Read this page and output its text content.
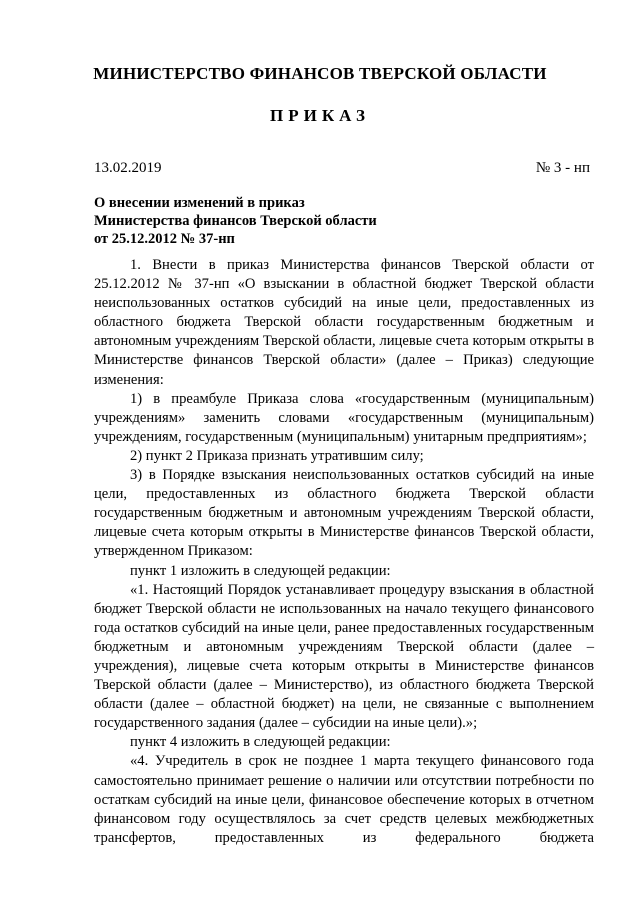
МИНИСТЕРСТВО ФИНАНСОВ ТВЕРСКОЙ ОБЛАСТИ
ПРИКАЗ
13.02.2019	№ 3 - нп
О внесении изменений в приказ
Министерства финансов Тверской области
от 25.12.2012 № 37-нп

1. Внести в приказ Министерства финансов Тверской области от 25.12.2012 № 37-нп «О взыскании в областной бюджет Тверской области неиспользованных остатков субсидий на иные цели, предоставленных из областного бюджета Тверской области государственным бюджетным и автономным учреждениям Тверской области, лицевые счета которым открыты в Министерстве финансов Тверской области» (далее – Приказ) следующие изменения:

1) в преамбуле Приказа слова «государственным (муниципальным) учреждениям» заменить словами «государственным (муниципальным) учреждениям, государственным (муниципальным) унитарным предприятиям»;

2) пункт 2 Приказа признать утратившим силу;

3) в Порядке взыскания неиспользованных остатков субсидий на иные цели, предоставленных из областного бюджета Тверской области государственным бюджетным и автономным учреждениям Тверской области, лицевые счета которым открыты в Министерстве финансов Тверской области, утвержденном Приказом:

пункт 1 изложить в следующей редакции:

«1. Настоящий Порядок устанавливает процедуру взыскания в областной бюджет Тверской области не использованных на начало текущего финансового года остатков субсидий на иные цели, ранее предоставленных государственным бюджетным и автономным учреждениям Тверской области (далее – учреждения), лицевые счета которым открыты в Министерстве финансов Тверской области (далее – Министерство), из областного бюджета Тверской области (далее – областной бюджет) на цели, не связанные с выполнением государственного задания (далее – субсидии на иные цели).»;

пункт 4 изложить в следующей редакции:

«4. Учредитель в срок не позднее 1 марта текущего финансового года самостоятельно принимает решение о наличии или отсутствии потребности по остаткам субсидий на иные цели, финансовое обеспечение которых в отчетном финансовом году осуществлялось за счет средств целевых межбюджетных трансфертов, предоставленных из федерального бюджета
